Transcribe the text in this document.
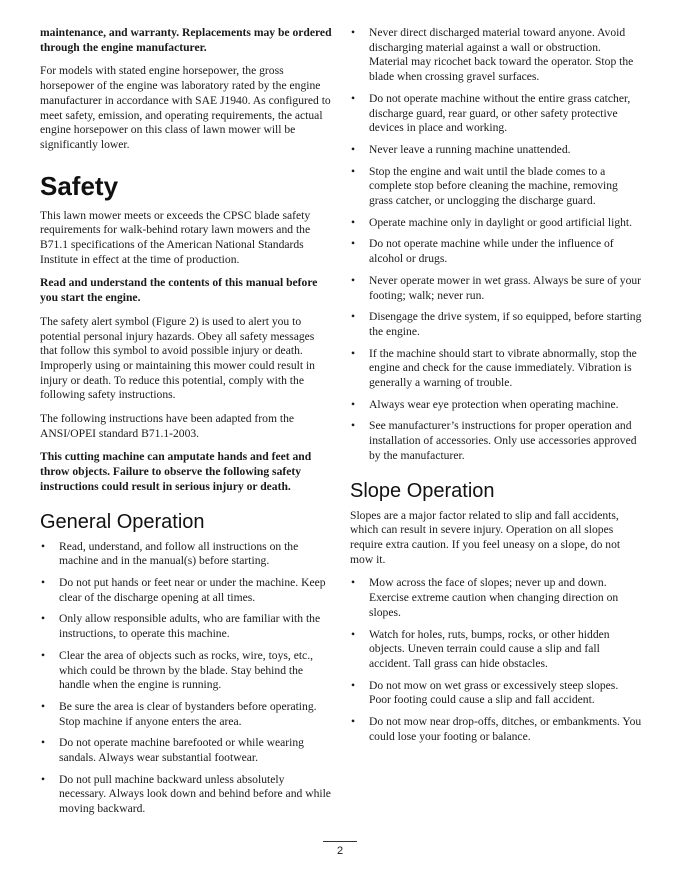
maintenance, and warranty. Replacements may be ordered through the engine manufacturer.

For models with stated engine horsepower, the gross horsepower of the engine was laboratory rated by the engine manufacturer in accordance with SAE J1940. As configured to meet safety, emission, and operating requirements, the actual engine horsepower on this class of lawn mower will be significantly lower.

Safety

This lawn mower meets or exceeds the CPSC blade safety requirements for walk-behind rotary lawn mowers and the B71.1 specifications of the American National Standards Institute in effect at the time of production.

Read and understand the contents of this manual before you start the engine.

The safety alert symbol (Figure 2) is used to alert you to potential personal injury hazards. Obey all safety messages that follow this symbol to avoid possible injury or death. Improperly using or maintaining this mower could result in injury or death. To reduce this potential, comply with the following safety instructions.

The following instructions have been adapted from the ANSI/OPEI standard B71.1-2003.

This cutting machine can amputate hands and feet and throw objects. Failure to observe the following safety instructions could result in serious injury or death.

General Operation
• Read, understand, and follow all instructions on the machine and in the manual(s) before starting.
• Do not put hands or feet near or under the machine. Keep clear of the discharge opening at all times.
• Only allow responsible adults, who are familiar with the instructions, to operate this machine.
• Clear the area of objects such as rocks, wire, toys, etc., which could be thrown by the blade. Stay behind the handle when the engine is running.
• Be sure the area is clear of bystanders before operating. Stop machine if anyone enters the area.
• Do not operate machine barefooted or while wearing sandals. Always wear substantial footwear.
• Do not pull machine backward unless absolutely necessary. Always look down and behind before and while moving backward.
• Never direct discharged material toward anyone. Avoid discharging material against a wall or obstruction. Material may ricochet back toward the operator. Stop the blade when crossing gravel surfaces.
• Do not operate machine without the entire grass catcher, discharge guard, rear guard, or other safety protective devices in place and working.
• Never leave a running machine unattended.
• Stop the engine and wait until the blade comes to a complete stop before cleaning the machine, removing grass catcher, or unclogging the discharge guard.
• Operate machine only in daylight or good artificial light.
• Do not operate machine while under the influence of alcohol or drugs.
• Never operate mower in wet grass. Always be sure of your footing; walk; never run.
• Disengage the drive system, if so equipped, before starting the engine.
• If the machine should start to vibrate abnormally, stop the engine and check for the cause immediately. Vibration is generally a warning of trouble.
• Always wear eye protection when operating machine.
• See manufacturer’s instructions for proper operation and installation of accessories. Only use accessories approved by the manufacturer.
Slope Operation

Slopes are a major factor related to slip and fall accidents, which can result in severe injury. Operation on all slopes require extra caution. If you feel uneasy on a slope, do not mow it.

• Mow across the face of slopes; never up and down. Exercise extreme caution when changing direction on slopes.
• Watch for holes, ruts, bumps, rocks, or other hidden objects. Uneven terrain could cause a slip and fall accident. Tall grass can hide obstacles.
• Do not mow on wet grass or excessively steep slopes. Poor footing could cause a slip and fall accident.
• Do not mow near drop-offs, ditches, or embankments. You could lose your footing or balance.
2
